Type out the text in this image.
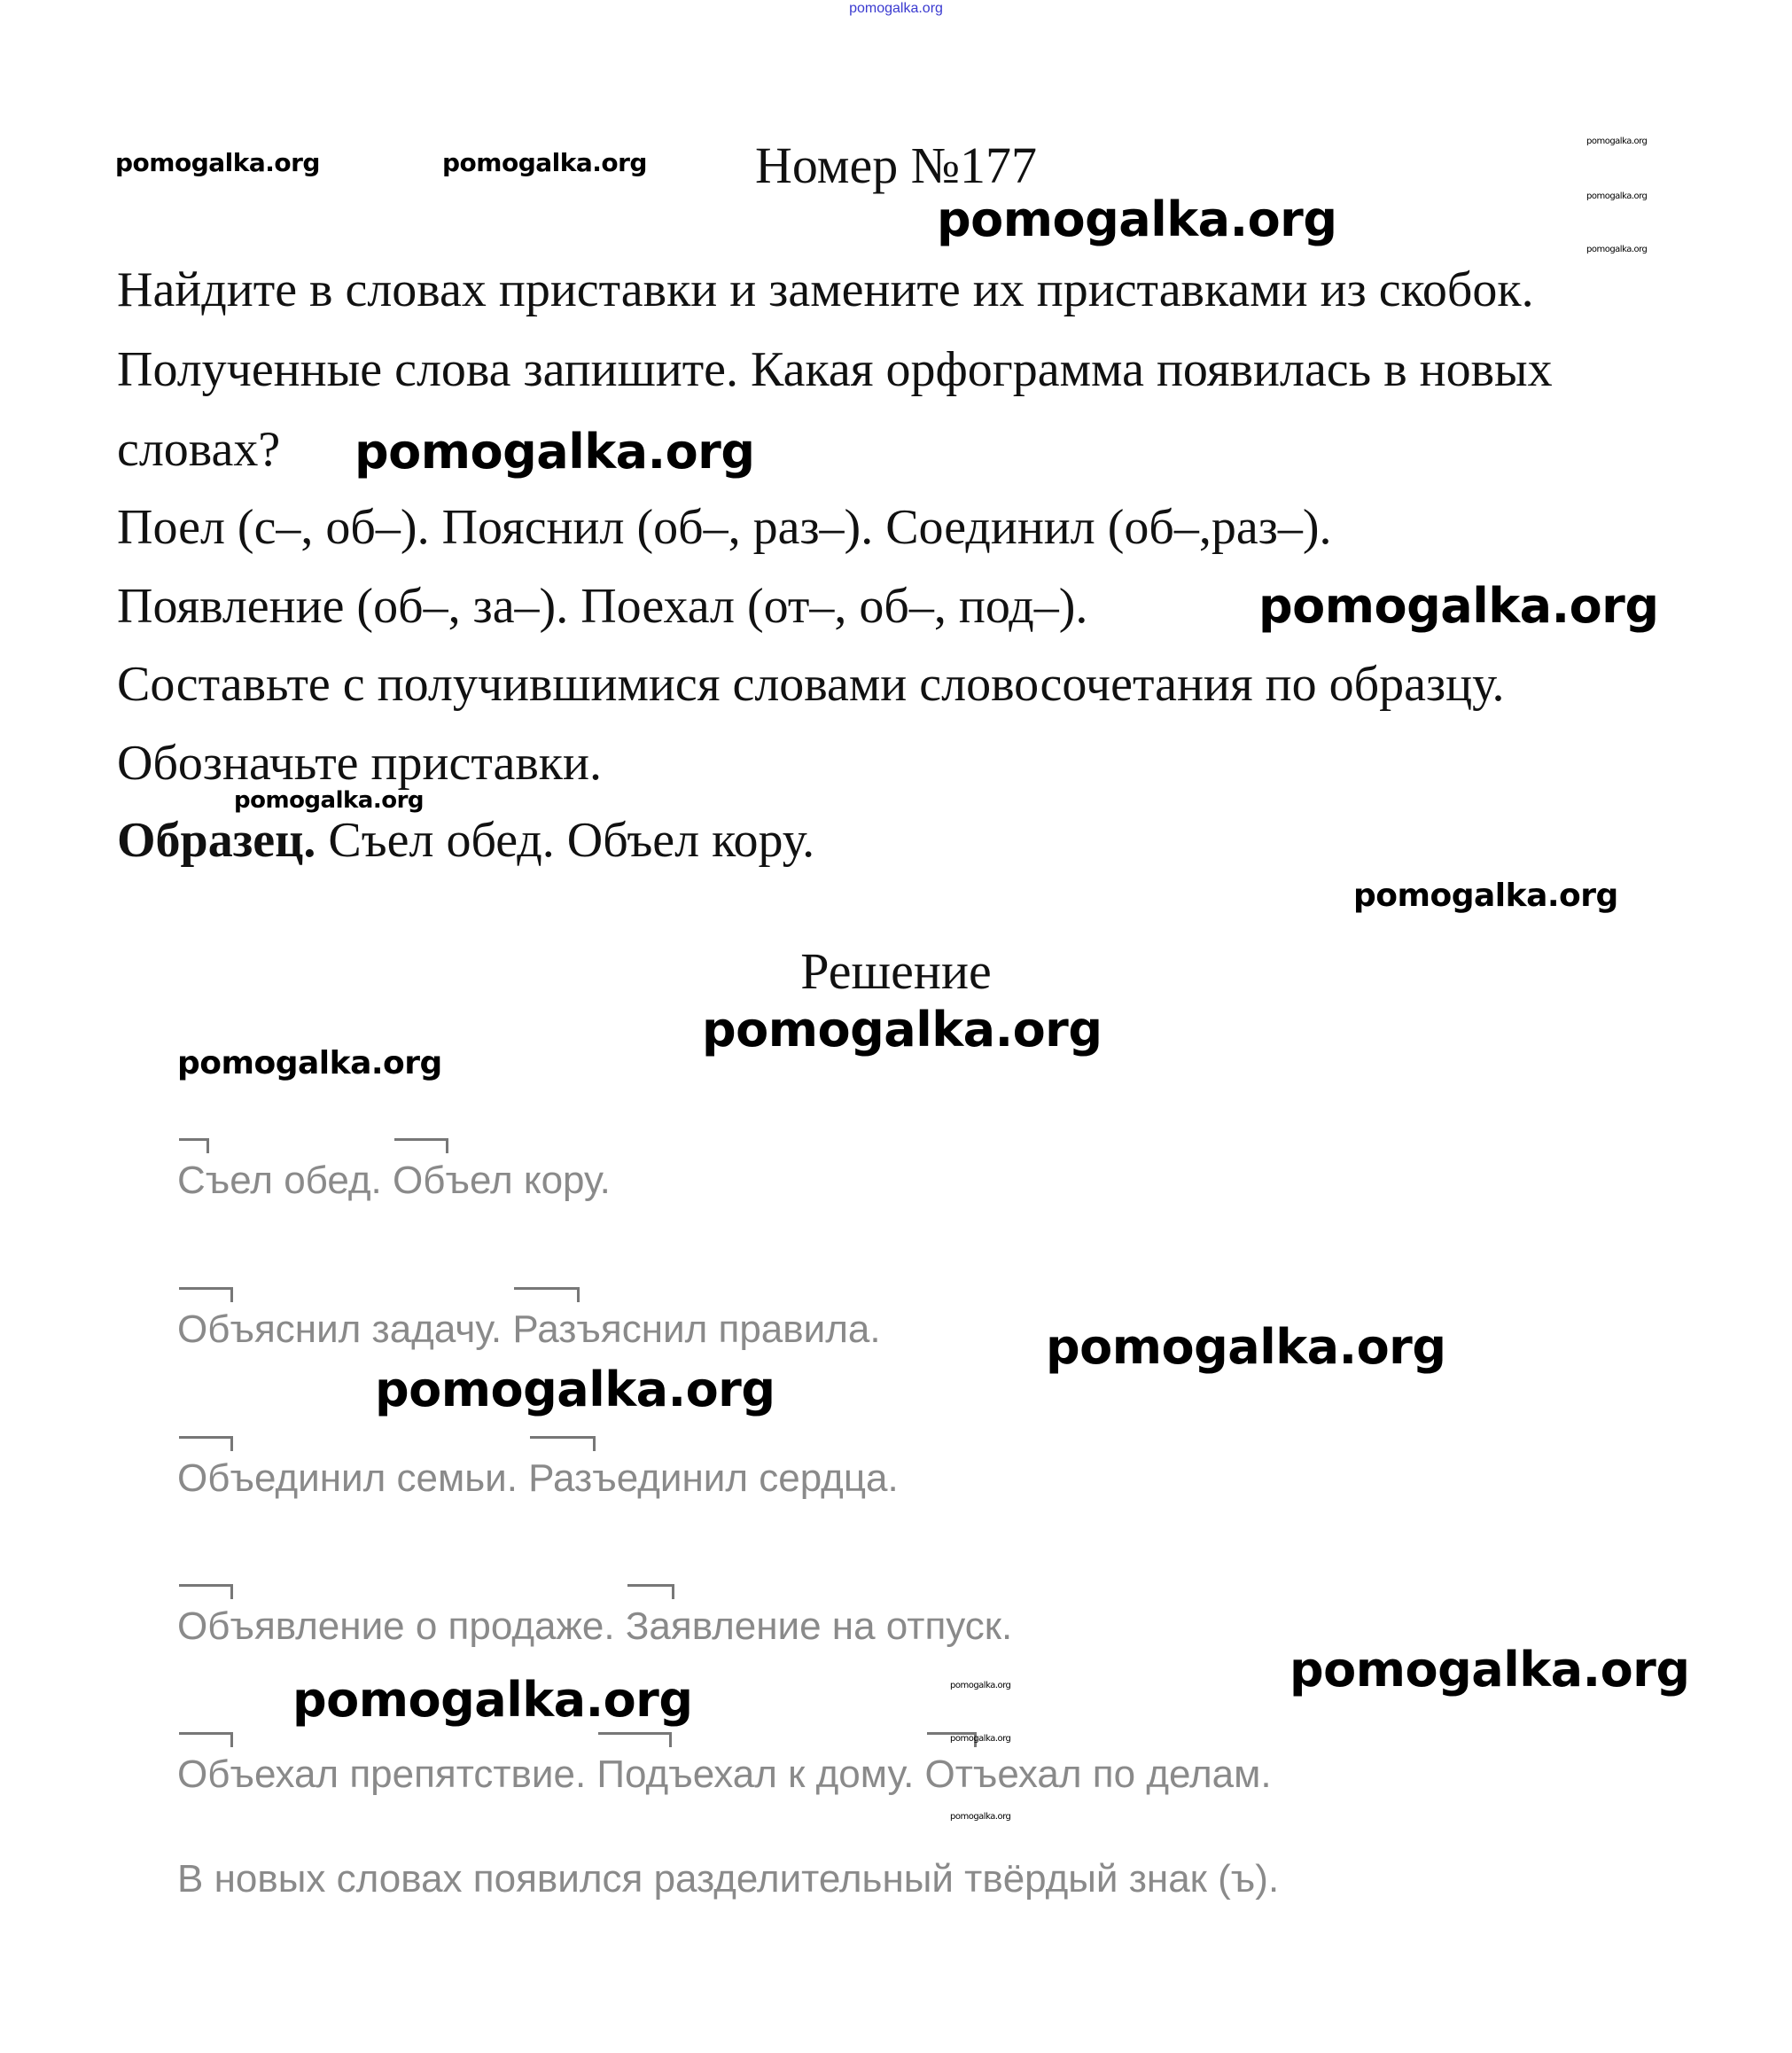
pomogalka.org
pomogalka.org	pomogalka.org Номер №177	pomogalka.org
pomogalka.org
pomogalka.org
Найдите в словах приставки и замените их приставками из скобок.
Полученные слова запишите. Какая орфограмма появилась в новых
словах?
Поел (с–, об–). Пояснил (об–, раз–). Соединил (об–,раз–).
Появление (об–, за–). Поехал (от–, об–, под–).
Составьте с получившимися словами словосочетания по образцу.
Обозначьте приставки.
Образец. Съел обед. Объел кору.
pomogalka.org
pomogalka.org
pomogalka.org
pomogalka.org
pomogalka.org
Решение
pomogalka.org
pomogalka.org
Съел обед. Объел кору.
Объяснил задачу. Разъяснил правила.
Объединил семьи. Разъединил сердца.
Объявление о продаже. Заявление на отпуск.
Объехал препятствие. Подъехал к дому. Отъехал по делам.
В новых словах появился разделительный твёрдый знак (ъ).
pomogalka.org
pomogalka.org
pomogalka.org
pomogalka.org	pomogalka.org
pomogalka.org
pomogalka.org
